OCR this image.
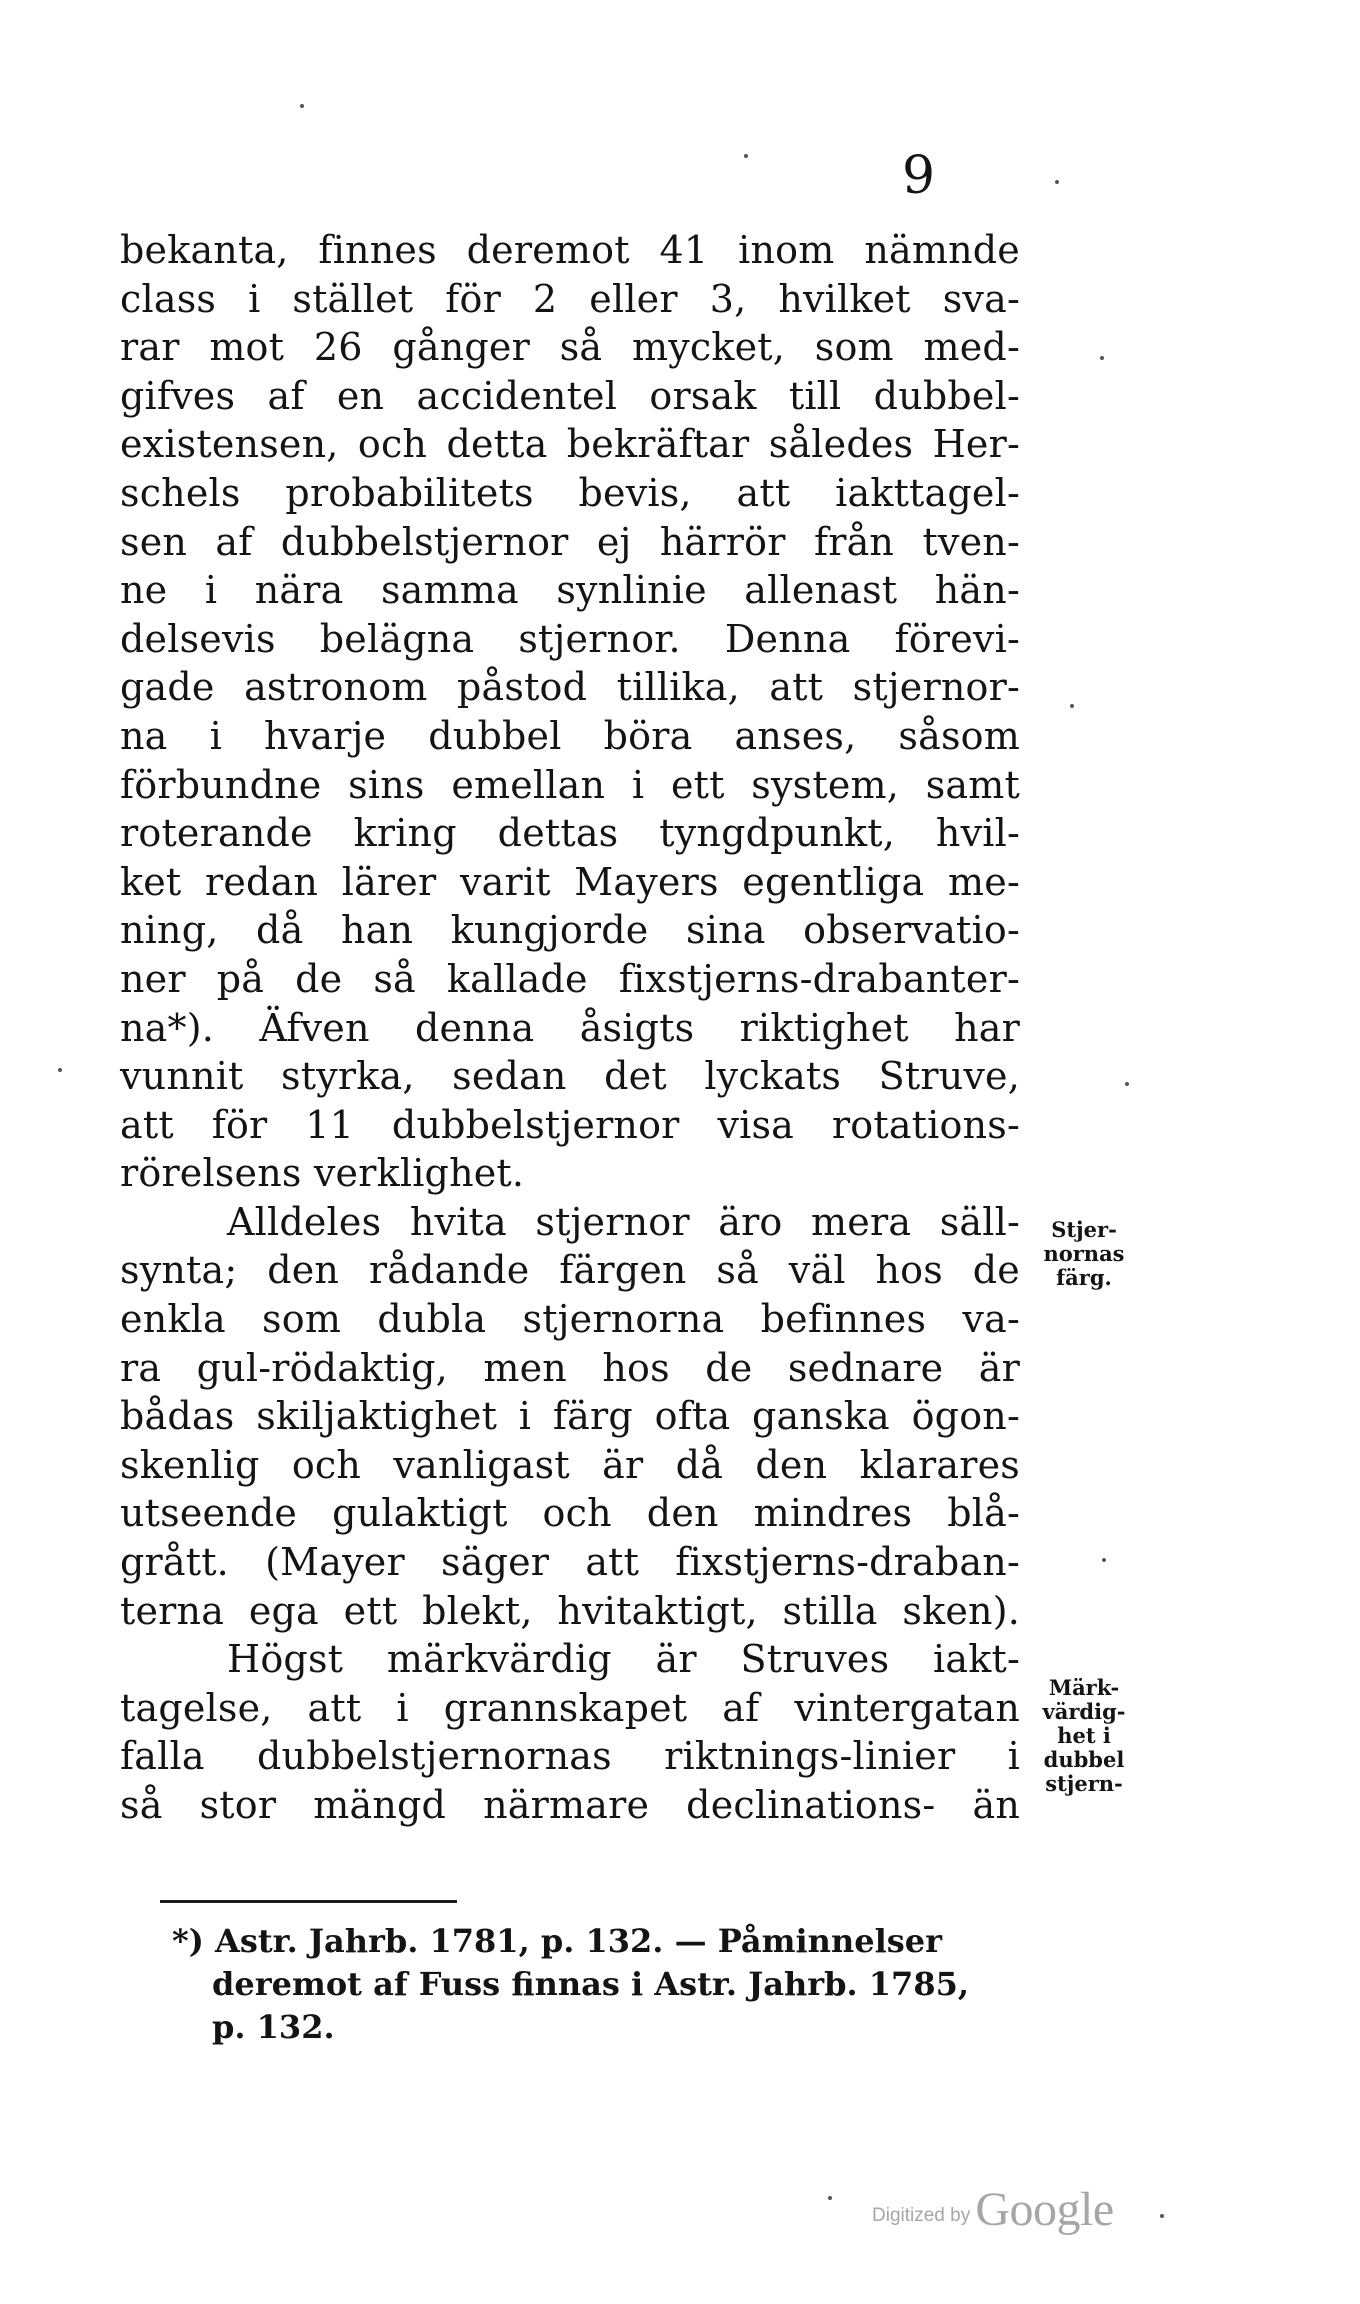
9
bekanta, finnes deremot 41 inom nämnde
class i stället för 2 eller 3, hvilket sva-
rar mot 26 gånger så mycket, som med-
gifves af en accidentel orsak till dubbel-
existensen, och detta bekräftar således Her-
schels probabilitets bevis, att iakttagel-
sen af dubbelstjernor ej härrör från tven-
ne i nära samma synlinie allenast hän-
delsevis belägna stjernor. Denna förevi-
gade astronom påstod tillika, att stjernor-
na i hvarje dubbel böra anses, såsom
förbundne sins emellan i ett system, samt
roterande kring dettas tyngdpunkt, hvil-
ket redan lärer varit Mayers egentliga me-
ning, då han kungjorde sina observatio-
ner på de så kallade fixstjerns-drabanter-
na*). Äfven denna åsigts riktighet har
vunnit styrka, sedan det lyckats Struve,
att för 11 dubbelstjernor visa rotations-
rörelsens verklighet.
Alldeles hvita stjernor äro mera säll-
synta; den rådande färgen så väl hos de
enkla som dubla stjernorna befinnes va-
ra gul-rödaktig, men hos de sednare är
bådas skiljaktighet i färg ofta ganska ögon-
skenlig och vanligast är då den klarares
utseende gulaktigt och den mindres blå-
grått. (Mayer säger att fixstjerns-draban-
terna ega ett blekt, hvitaktigt, stilla sken).
Högst märkvärdig är Struves iakt-
tagelse, att i grannskapet af vintergatan
falla dubbelstjernornas riktnings-linier i
så stor mängd närmare declinations- än
Stjer-
nornas
färg.
Märk-
värdig-
het i
dubbel
stjern-
*) Astr. Jahrb. 1781, p. 132. — Påminnelser
deremot af Fuss finnas i Astr. Jahrb. 1785,
p. 132.
Digitized by Google
